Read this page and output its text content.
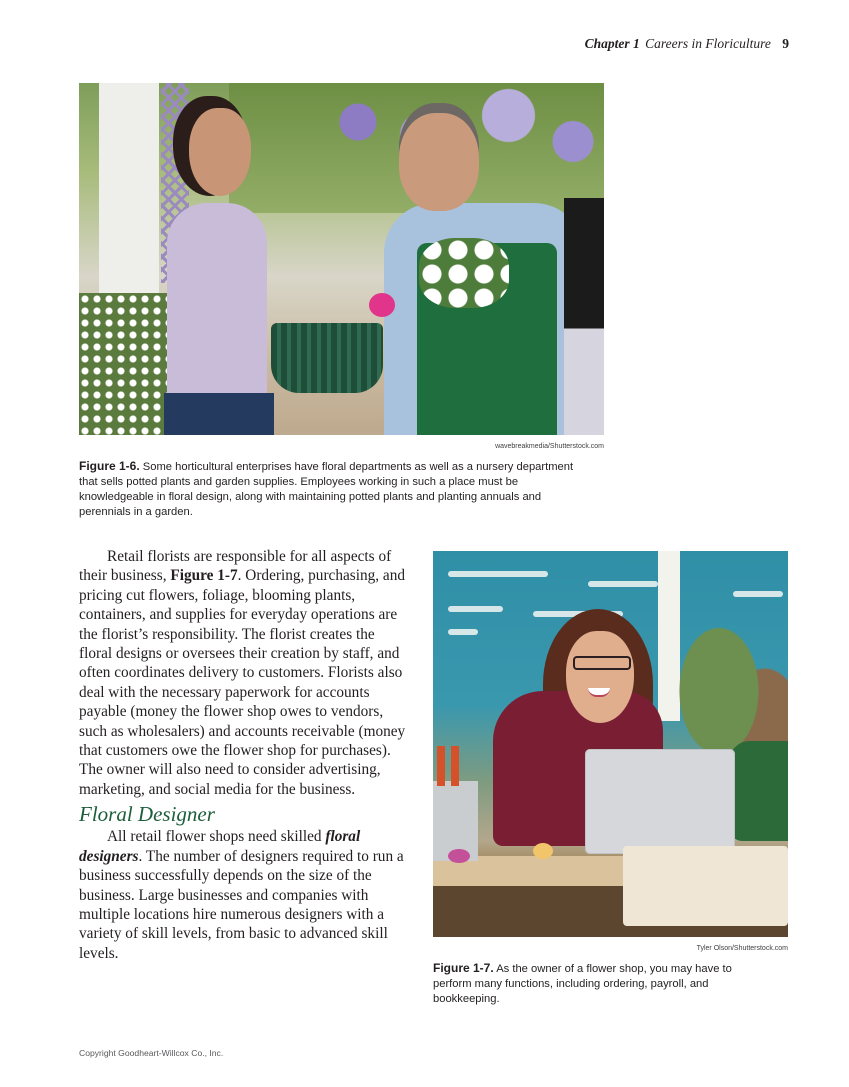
Chapter 1 Careers in Floriculture 9
wavebreakmedia/Shutterstock.com
Figure 1-6. Some horticultural enterprises have floral departments as well as a nursery department that sells potted plants and garden supplies. Employees working in such a place must be knowledgeable in floral design, along with maintaining potted plants and planting annuals and perennials in a garden.

Retail florists are responsible for all aspects of their business, Figure 1-7. Ordering, purchasing, and pricing cut flowers, foliage, blooming plants, containers, and supplies for everyday operations are the florist’s responsibility. The florist creates the floral designs or oversees their creation by staff, and often coordinates delivery to customers. Florists also deal with the necessary paperwork for accounts payable (money the flower shop owes to vendors, such as wholesalers) and accounts receivable (money that customers owe the flower shop for purchases). The owner will also need to consider advertising, marketing, and social media for the business.

Floral Designer

All retail flower shops need skilled floral designers. The number of designers required to run a business successfully depends on the size of the business. Large businesses and companies with multiple locations hire numerous designers with a variety of skill levels, from basic to advanced skill levels.	Tyler Olson/Shutterstock.com
Figure 1-7. As the owner of a flower shop, you may have to perform many functions, including ordering, payroll, and bookkeeping.
Copyright Goodheart-Willcox Co., Inc.
